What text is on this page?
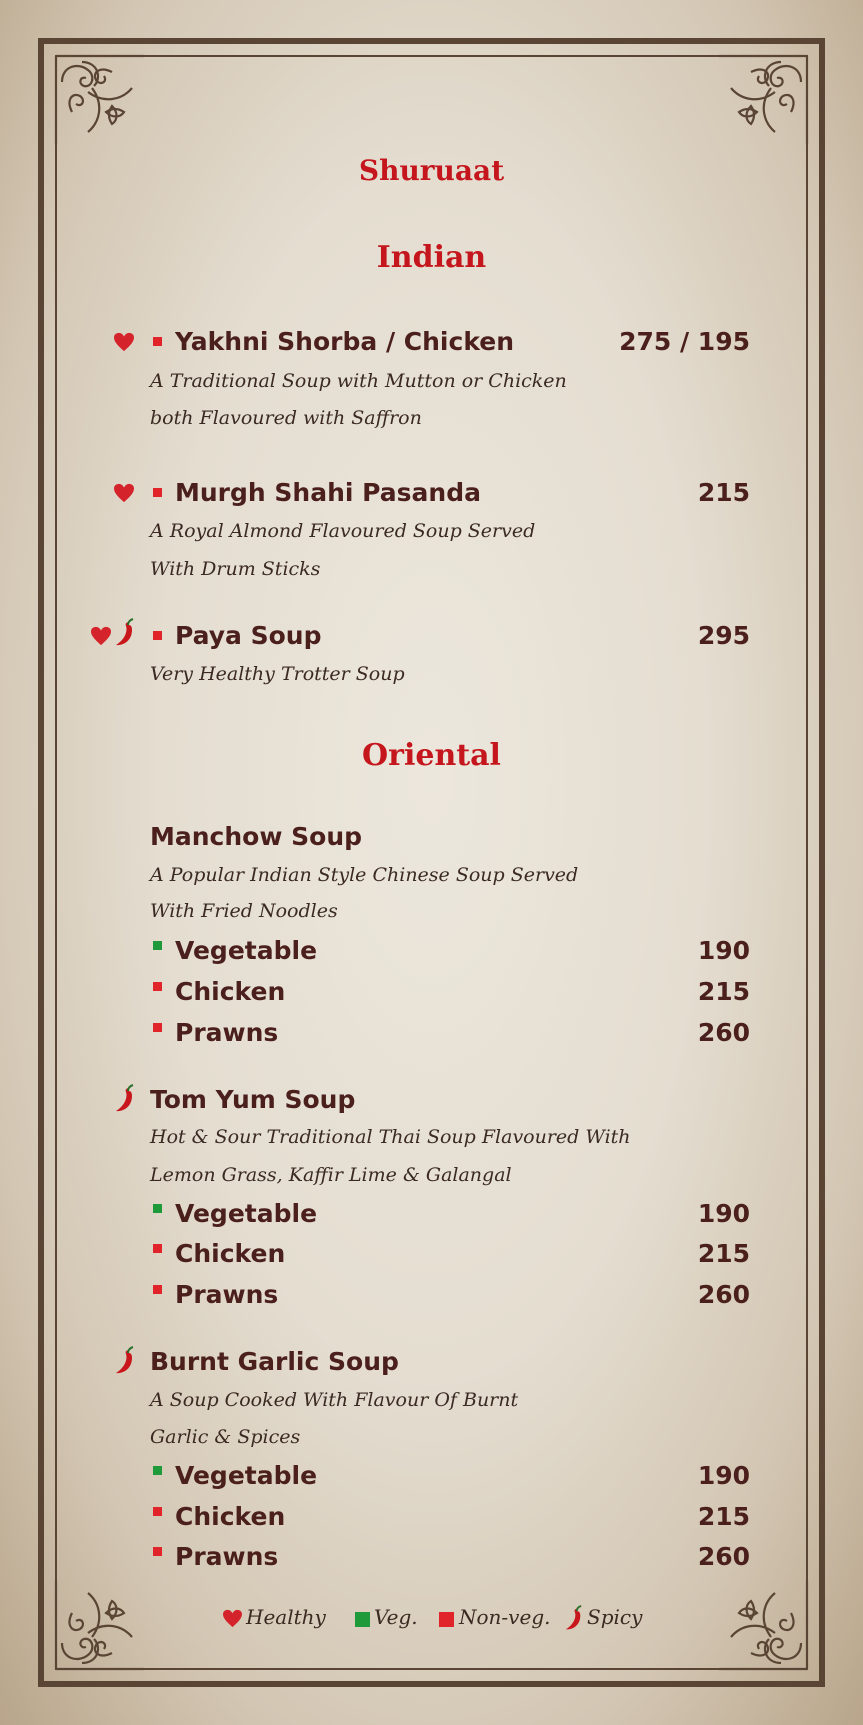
Shuruaat
Indian
Yakhni Shorba / Chicken	275 / 195
A Traditional Soup with Mutton or Chicken
both Flavoured with Saffron
Murgh Shahi Pasanda	215
A Royal Almond Flavoured Soup Served
With Drum Sticks
Paya Soup	295
Very Healthy Trotter Soup
Oriental
Manchow Soup
A Popular Indian Style Chinese Soup Served
With Fried Noodles
Vegetable	190
Chicken	215
Prawns	260
Tom Yum Soup
Hot & Sour Traditional Thai Soup Flavoured With
Lemon Grass, Kaffir Lime & Galangal
Vegetable	190
Chicken	215
Prawns	260
Burnt Garlic Soup
A Soup Cooked With Flavour Of Burnt
Garlic & Spices
Vegetable	190
Chicken	215
Prawns	260
Healthy Veg. Non-veg. Spicy
